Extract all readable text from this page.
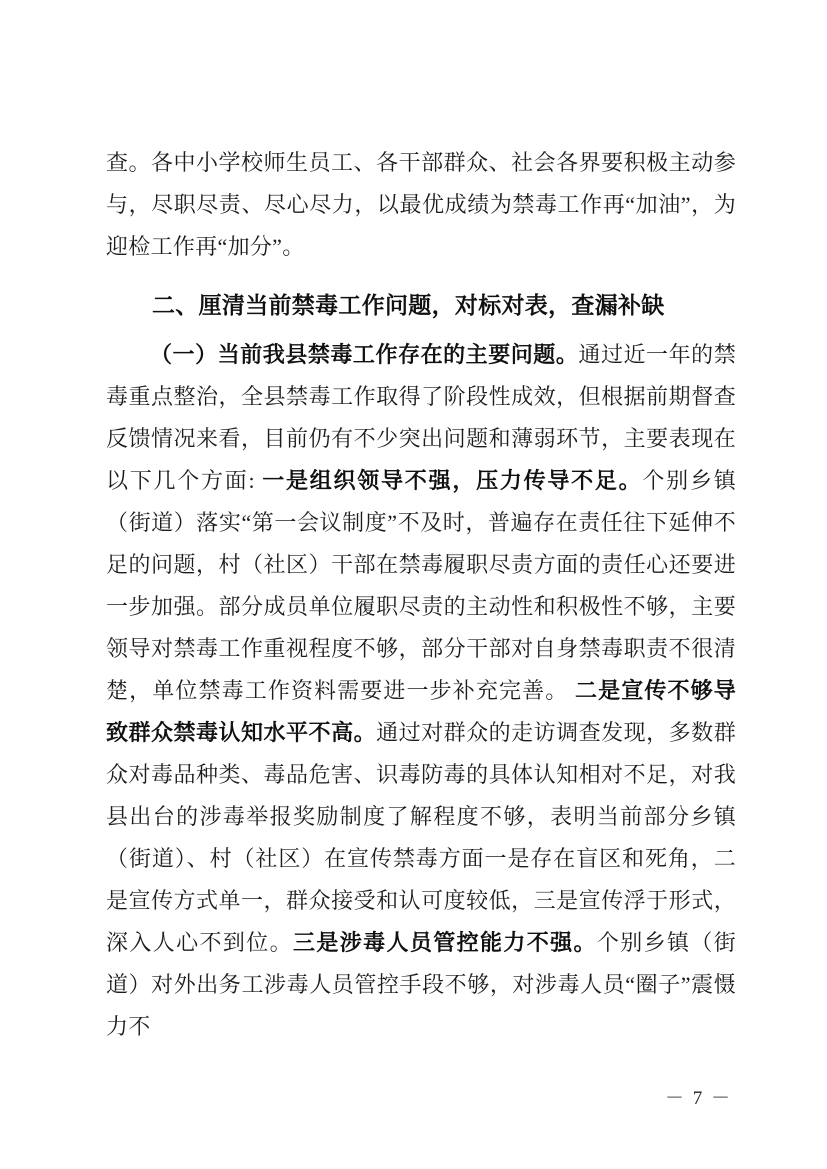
查。各中小学校师生员工、各干部群众、社会各界要积极主动参与，尽职尽责、尽心尽力，以最优成绩为禁毒工作再“加油”，为迎检工作再“加分”。

二、厘清当前禁毒工作问题，对标对表，查漏补缺

（一）当前我县禁毒工作存在的主要问题。通过近一年的禁毒重点整治，全县禁毒工作取得了阶段性成效，但根据前期督查反馈情况来看，目前仍有不少突出问题和薄弱环节，主要表现在以下几个方面: 一是组织领导不强，压力传导不足。个别乡镇（街道）落实“第一会议制度”不及时，普遍存在责任往下延伸不足的问题，村（社区）干部在禁毒履职尽责方面的责任心还要进一步加强。部分成员单位履职尽责的主动性和积极性不够，主要领导对禁毒工作重视程度不够，部分干部对自身禁毒职责不很清楚，单位禁毒工作资料需要进一步补充完善。 二是宣传不够导致群众禁毒认知水平不高。通过对群众的走访调查发现，多数群众对毒品种类、毒品危害、识毒防毒的具体认知相对不足，对我县出台的涉毒举报奖励制度了解程度不够，表明当前部分乡镇（街道）、村（社区）在宣传禁毒方面一是存在盲区和死角，二是宣传方式单一，群众接受和认可度较低，三是宣传浮于形式，深入人心不到位。三是涉毒人员管控能力不强。个别乡镇（街道）对外出务工涉毒人员管控手段不够，对涉毒人员“圈子”震慑力不

－ 7 －
